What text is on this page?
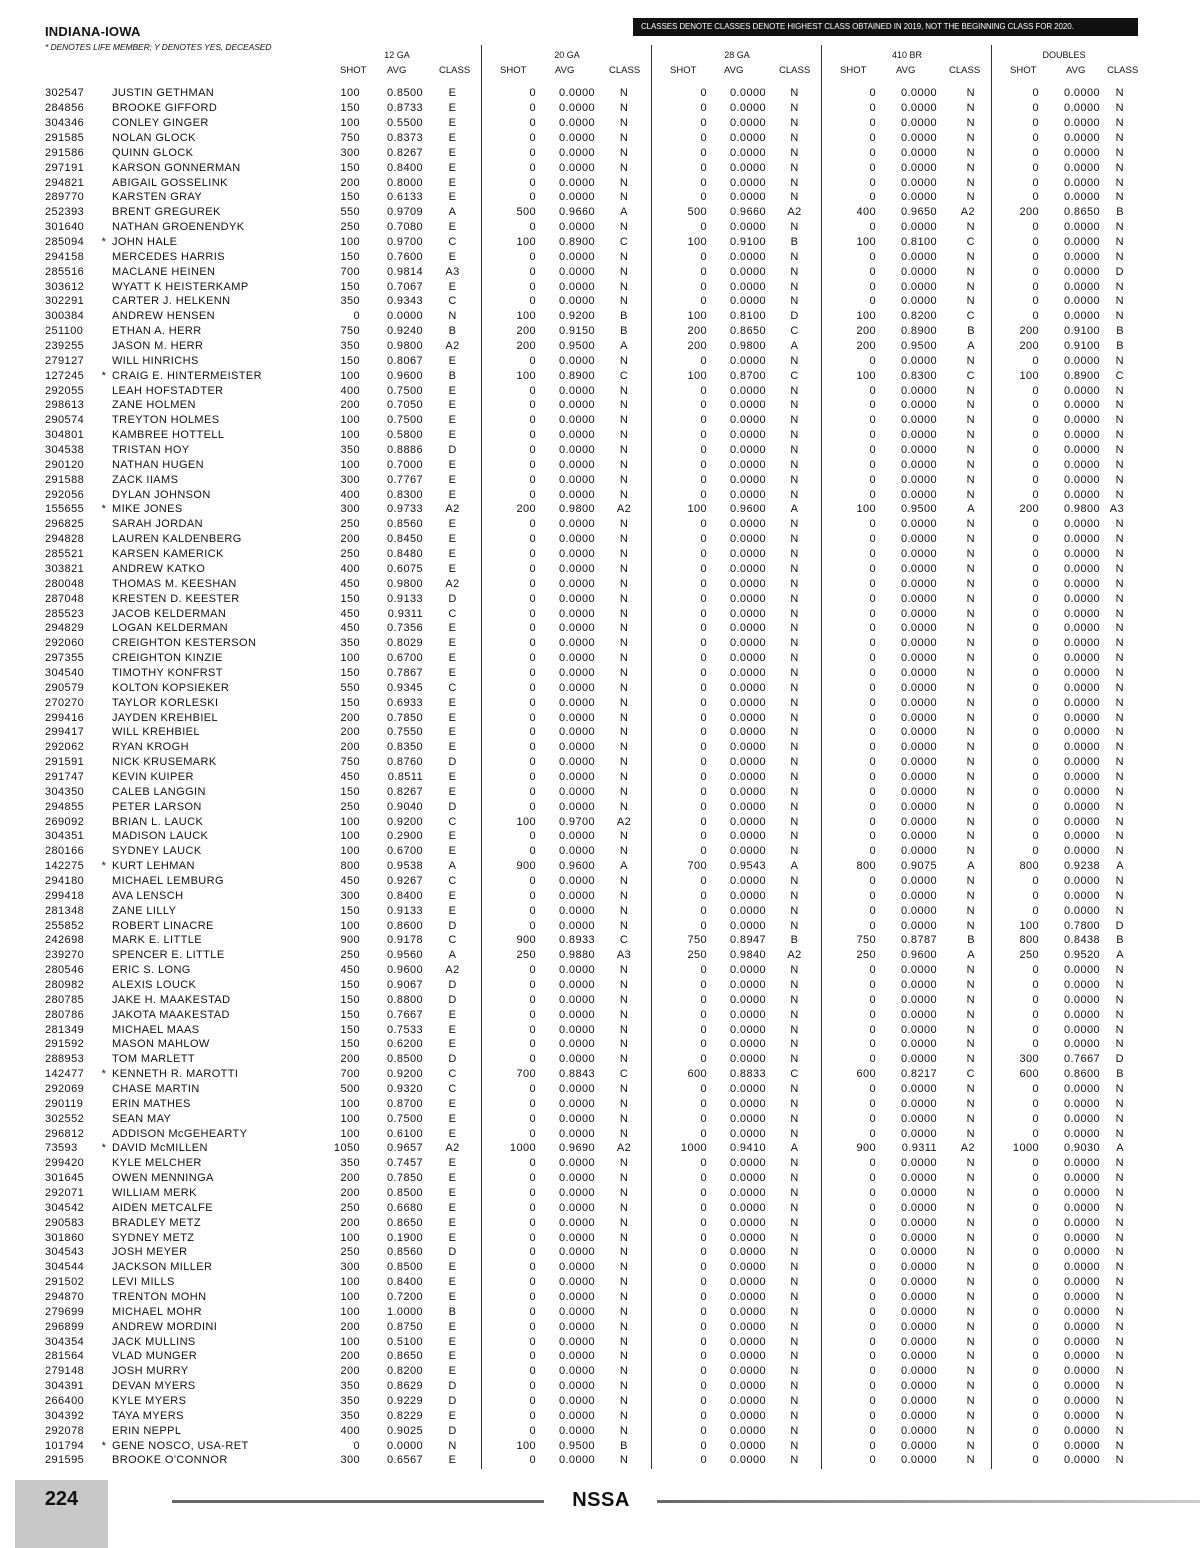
INDIANA-IOWA
* DENOTES LIFE MEMBER; Y DENOTES YES, DECEASED
CLASSES DENOTE CLASSES DENOTE HIGHEST CLASS OBTAINED IN 2019, NOT THE BEGINNING CLASS FOR 2020.
12 GA	20 GA	28 GA	410 BR	DOUBLES
SHOT AVG	CLASS	SHOT	AVG	CLASS	SHOT	AVG	CLASS	SHOT	AVG	CLASS	SHOT	AVG CLASS
302547		JUSTIN GETHMAN	100	0.8500	E	0	0.0000	N	0	0.0000	N	0	0.0000	N	0	0.0000	N
284856		BROOKE GIFFORD	150	0.8733	E	0	0.0000	N	0	0.0000	N	0	0.0000	N	0	0.0000	N
304346		CONLEY GINGER	100	0.5500	E	0	0.0000	N	0	0.0000	N	0	0.0000	N	0	0.0000	N
291585		NOLAN GLOCK	750	0.8373	E	0	0.0000	N	0	0.0000	N	0	0.0000	N	0	0.0000	N
291586		QUINN GLOCK	300	0.8267	E	0	0.0000	N	0	0.0000	N	0	0.0000	N	0	0.0000	N
297191		KARSON GONNERMAN	150	0.8400	E	0	0.0000	N	0	0.0000	N	0	0.0000	N	0	0.0000	N
294821		ABIGAIL GOSSELINK	200	0.8000	E	0	0.0000	N	0	0.0000	N	0	0.0000	N	0	0.0000	N
289770		KARSTEN GRAY	150	0.6133	E	0	0.0000	N	0	0.0000	N	0	0.0000	N	0	0.0000	N
252393		BRENT GREGUREK	550	0.9709	A	500	0.9660	A	500	0.9660	A2	400	0.9650	A2	200	0.8650	B
301640		NATHAN GROENENDYK	250	0.7080	E	0	0.0000	N	0	0.0000	N	0	0.0000	N	0	0.0000	N
285094	*	JOHN HALE	100	0.9700	C	100	0.8900	C	100	0.9100	B	100	0.8100	C	0	0.0000	N
294158		MERCEDES HARRIS	150	0.7600	E	0	0.0000	N	0	0.0000	N	0	0.0000	N	0	0.0000	N
285516		MACLANE HEINEN	700	0.9814	A3	0	0.0000	N	0	0.0000	N	0	0.0000	N	0	0.0000	D
303612		WYATT K HEISTERKAMP	150	0.7067	E	0	0.0000	N	0	0.0000	N	0	0.0000	N	0	0.0000	N
302291		CARTER J. HELKENN	350	0.9343	C	0	0.0000	N	0	0.0000	N	0	0.0000	N	0	0.0000	N
300384		ANDREW HENSEN	0	0.0000	N	100	0.9200	B	100	0.8100	D	100	0.8200	C	0	0.0000	N
251100		ETHAN A. HERR	750	0.9240	B	200	0.9150	B	200	0.8650	C	200	0.8900	B	200	0.9100	B
239255		JASON M. HERR	350	0.9800	A2	200	0.9500	A	200	0.9800	A	200	0.9500	A	200	0.9100	B
279127		WILL HINRICHS	150	0.8067	E	0	0.0000	N	0	0.0000	N	0	0.0000	N	0	0.0000	N
127245	*	CRAIG E. HINTERMEISTER	100	0.9600	B	100	0.8900	C	100	0.8700	C	100	0.8300	C	100	0.8900	C
292055		LEAH HOFSTADTER	400	0.7500	E	0	0.0000	N	0	0.0000	N	0	0.0000	N	0	0.0000	N
298613		ZANE HOLMEN	200	0.7050	E	0	0.0000	N	0	0.0000	N	0	0.0000	N	0	0.0000	N
290574		TREYTON HOLMES	100	0.7500	E	0	0.0000	N	0	0.0000	N	0	0.0000	N	0	0.0000	N
304801		KAMBREE HOTTELL	100	0.5800	E	0	0.0000	N	0	0.0000	N	0	0.0000	N	0	0.0000	N
304538		TRISTAN HOY	350	0.8886	D	0	0.0000	N	0	0.0000	N	0	0.0000	N	0	0.0000	N
290120		NATHAN HUGEN	100	0.7000	E	0	0.0000	N	0	0.0000	N	0	0.0000	N	0	0.0000	N
291588		ZACK IIAMS	300	0.7767	E	0	0.0000	N	0	0.0000	N	0	0.0000	N	0	0.0000	N
292056		DYLAN JOHNSON	400	0.8300	E	0	0.0000	N	0	0.0000	N	0	0.0000	N	0	0.0000	N
155655	*	MIKE JONES	300	0.9733	A2	200	0.9800	A2	100	0.9600	A	100	0.9500	A	200	0.9800	A3
296825		SARAH JORDAN	250	0.8560	E	0	0.0000	N	0	0.0000	N	0	0.0000	N	0	0.0000	N
294828		LAUREN KALDENBERG	200	0.8450	E	0	0.0000	N	0	0.0000	N	0	0.0000	N	0	0.0000	N
285521		KARSEN KAMERICK	250	0.8480	E	0	0.0000	N	0	0.0000	N	0	0.0000	N	0	0.0000	N
303821		ANDREW KATKO	400	0.6075	E	0	0.0000	N	0	0.0000	N	0	0.0000	N	0	0.0000	N
280048		THOMAS M. KEESHAN	450	0.9800	A2	0	0.0000	N	0	0.0000	N	0	0.0000	N	0	0.0000	N
287048		KRESTEN D. KEESTER	150	0.9133	D	0	0.0000	N	0	0.0000	N	0	0.0000	N	0	0.0000	N
285523		JACOB KELDERMAN	450	0.9311	C	0	0.0000	N	0	0.0000	N	0	0.0000	N	0	0.0000	N
294829		LOGAN KELDERMAN	450	0.7356	E	0	0.0000	N	0	0.0000	N	0	0.0000	N	0	0.0000	N
292060		CREIGHTON KESTERSON	350	0.8029	E	0	0.0000	N	0	0.0000	N	0	0.0000	N	0	0.0000	N
297355		CREIGHTON KINZIE	100	0.6700	E	0	0.0000	N	0	0.0000	N	0	0.0000	N	0	0.0000	N
304540		TIMOTHY KONFRST	150	0.7867	E	0	0.0000	N	0	0.0000	N	0	0.0000	N	0	0.0000	N
290579		KOLTON KOPSIEKER	550	0.9345	C	0	0.0000	N	0	0.0000	N	0	0.0000	N	0	0.0000	N
270270		TAYLOR KORLESKI	150	0.6933	E	0	0.0000	N	0	0.0000	N	0	0.0000	N	0	0.0000	N
299416		JAYDEN KREHBIEL	200	0.7850	E	0	0.0000	N	0	0.0000	N	0	0.0000	N	0	0.0000	N
299417		WILL KREHBIEL	200	0.7550	E	0	0.0000	N	0	0.0000	N	0	0.0000	N	0	0.0000	N
292062		RYAN KROGH	200	0.8350	E	0	0.0000	N	0	0.0000	N	0	0.0000	N	0	0.0000	N
291591		NICK KRUSEMARK	750	0.8760	D	0	0.0000	N	0	0.0000	N	0	0.0000	N	0	0.0000	N
291747		KEVIN KUIPER	450	0.8511	E	0	0.0000	N	0	0.0000	N	0	0.0000	N	0	0.0000	N
304350		CALEB LANGGIN	150	0.8267	E	0	0.0000	N	0	0.0000	N	0	0.0000	N	0	0.0000	N
294855		PETER LARSON	250	0.9040	D	0	0.0000	N	0	0.0000	N	0	0.0000	N	0	0.0000	N
269092		BRIAN L. LAUCK	100	0.9200	C	100	0.9700	A2	0	0.0000	N	0	0.0000	N	0	0.0000	N
304351		MADISON LAUCK	100	0.2900	E	0	0.0000	N	0	0.0000	N	0	0.0000	N	0	0.0000	N
280166		SYDNEY LAUCK	100	0.6700	E	0	0.0000	N	0	0.0000	N	0	0.0000	N	0	0.0000	N
142275	*	KURT LEHMAN	800	0.9538	A	900	0.9600	A	700	0.9543	A	800	0.9075	A	800	0.9238	A
294180		MICHAEL LEMBURG	450	0.9267	C	0	0.0000	N	0	0.0000	N	0	0.0000	N	0	0.0000	N
299418		AVA LENSCH	300	0.8400	E	0	0.0000	N	0	0.0000	N	0	0.0000	N	0	0.0000	N
281348		ZANE LILLY	150	0.9133	E	0	0.0000	N	0	0.0000	N	0	0.0000	N	0	0.0000	N
255852		ROBERT LINACRE	100	0.8600	D	0	0.0000	N	0	0.0000	N	0	0.0000	N	100	0.7800	D
242698		MARK E. LITTLE	900	0.9178	C	900	0.8933	C	750	0.8947	B	750	0.8787	B	800	0.8438	B
239270		SPENCER E. LITTLE	250	0.9560	A	250	0.9880	A3	250	0.9840	A2	250	0.9600	A	250	0.9520	A
280546		ERIC S. LONG	450	0.9600	A2	0	0.0000	N	0	0.0000	N	0	0.0000	N	0	0.0000	N
280982		ALEXIS LOUCK	150	0.9067	D	0	0.0000	N	0	0.0000	N	0	0.0000	N	0	0.0000	N
280785		JAKE H. MAAKESTAD	150	0.8800	D	0	0.0000	N	0	0.0000	N	0	0.0000	N	0	0.0000	N
280786		JAKOTA MAAKESTAD	150	0.7667	E	0	0.0000	N	0	0.0000	N	0	0.0000	N	0	0.0000	N
281349		MICHAEL MAAS	150	0.7533	E	0	0.0000	N	0	0.0000	N	0	0.0000	N	0	0.0000	N
291592		MASON MAHLOW	150	0.6200	E	0	0.0000	N	0	0.0000	N	0	0.0000	N	0	0.0000	N
288953		TOM MARLETT	200	0.8500	D	0	0.0000	N	0	0.0000	N	0	0.0000	N	300	0.7667	D
142477	*	KENNETH R. MAROTTI	700	0.9200	C	700	0.8843	C	600	0.8833	C	600	0.8217	C	600	0.8600	B
292069		CHASE MARTIN	500	0.9320	C	0	0.0000	N	0	0.0000	N	0	0.0000	N	0	0.0000	N
290119		ERIN MATHES	100	0.8700	E	0	0.0000	N	0	0.0000	N	0	0.0000	N	0	0.0000	N
302552		SEAN MAY	100	0.7500	E	0	0.0000	N	0	0.0000	N	0	0.0000	N	0	0.0000	N
296812		ADDISON McGEHEARTY	100	0.6100	E	0	0.0000	N	0	0.0000	N	0	0.0000	N	0	0.0000	N
73593	*	DAVID McMILLEN	1050	0.9657	A2	1000	0.9690	A2	1000	0.9410	A	900	0.9311	A2	1000	0.9030	A
299420		KYLE MELCHER	350	0.7457	E	0	0.0000	N	0	0.0000	N	0	0.0000	N	0	0.0000	N
301645		OWEN MENNINGA	200	0.7850	E	0	0.0000	N	0	0.0000	N	0	0.0000	N	0	0.0000	N
292071		WILLIAM MERK	200	0.8500	E	0	0.0000	N	0	0.0000	N	0	0.0000	N	0	0.0000	N
304542		AIDEN METCALFE	250	0.6680	E	0	0.0000	N	0	0.0000	N	0	0.0000	N	0	0.0000	N
290583		BRADLEY METZ	200	0.8650	E	0	0.0000	N	0	0.0000	N	0	0.0000	N	0	0.0000	N
301860		SYDNEY METZ	100	0.1900	E	0	0.0000	N	0	0.0000	N	0	0.0000	N	0	0.0000	N
304543		JOSH MEYER	250	0.8560	D	0	0.0000	N	0	0.0000	N	0	0.0000	N	0	0.0000	N
304544		JACKSON MILLER	300	0.8500	E	0	0.0000	N	0	0.0000	N	0	0.0000	N	0	0.0000	N
291502		LEVI MILLS	100	0.8400	E	0	0.0000	N	0	0.0000	N	0	0.0000	N	0	0.0000	N
294870		TRENTON MOHN	100	0.7200	E	0	0.0000	N	0	0.0000	N	0	0.0000	N	0	0.0000	N
279699		MICHAEL MOHR	100	1.0000	B	0	0.0000	N	0	0.0000	N	0	0.0000	N	0	0.0000	N
296899		ANDREW MORDINI	200	0.8750	E	0	0.0000	N	0	0.0000	N	0	0.0000	N	0	0.0000	N
304354		JACK MULLINS	100	0.5100	E	0	0.0000	N	0	0.0000	N	0	0.0000	N	0	0.0000	N
281564		VLAD MUNGER	200	0.8650	E	0	0.0000	N	0	0.0000	N	0	0.0000	N	0	0.0000	N
279148		JOSH MURRY	200	0.8200	E	0	0.0000	N	0	0.0000	N	0	0.0000	N	0	0.0000	N
304391		DEVAN MYERS	350	0.8629	D	0	0.0000	N	0	0.0000	N	0	0.0000	N	0	0.0000	N
266400		KYLE MYERS	350	0.9229	D	0	0.0000	N	0	0.0000	N	0	0.0000	N	0	0.0000	N
304392		TAYA MYERS	350	0.8229	E	0	0.0000	N	0	0.0000	N	0	0.0000	N	0	0.0000	N
292078		ERIN NEPPL	400	0.9025	D	0	0.0000	N	0	0.0000	N	0	0.0000	N	0	0.0000	N
101794	*	GENE NOSCO, USA-RET	0	0.0000	N	100	0.9500	B	0	0.0000	N	0	0.0000	N	0	0.0000	N
291595		BROOKE O'CONNOR	300	0.6567	E	0	0.0000	N	0	0.0000	N	0	0.0000	N	0	0.0000	N
224	NSSA
